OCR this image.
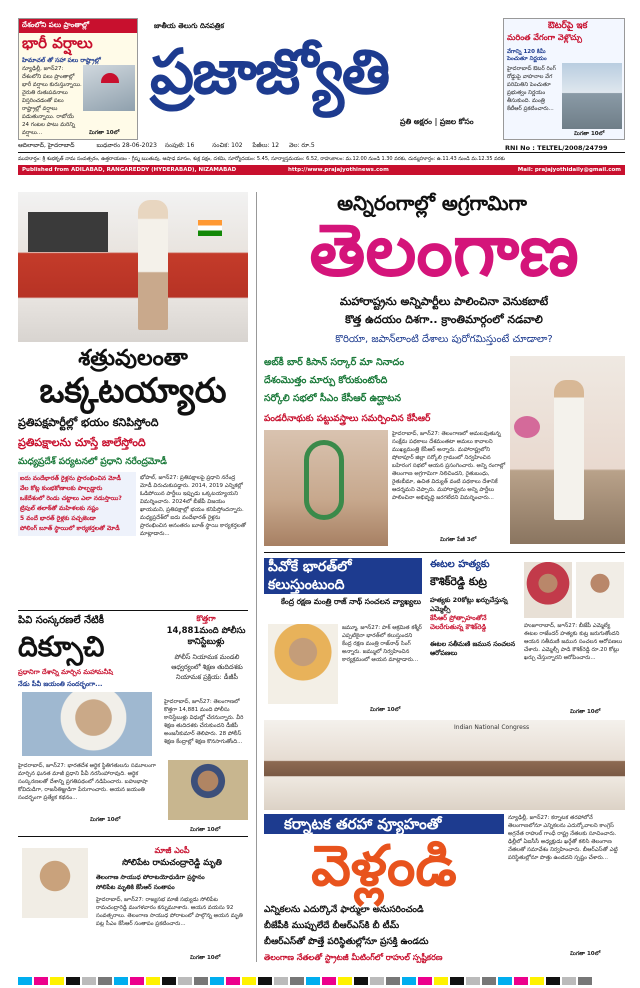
దేశంలోని పలు ప్రాంతాల్లో
భారీ వర్షాలు
హిమాచల్ తో సహా పలు రాష్ట్రాల్లో
న్యూఢిల్లీ, జూన్27: దేశంలోని పలు ప్రాంతాల్లో భారీ వర్షాలు కురుస్తున్నాయి. నైరుతి రుతుపవనాలు విస్తరించడంతో పలు రాష్ట్రాల్లో వర్షాలు పడుతున్నాయి. రాబోయే 24 గంటల పాటు మరిన్ని వర్షాలు...	మిగతా 10లో
జాతీయ తెలుగు దినపత్రిక
ప్రజాజ్యోతి
ప్రతి అక్షరం | ప్రజల కోసం
ఔటర్‌పై ఇక
మరింత వేగంగా వెళ్లొచ్చు
వేగాన్ని 120 కిమీ పెంచుతూ నిర్ణయం
హైదరాబాద్ ఔటర్ రింగ్ రోడ్డుపై వాహనాల వేగ పరిమితిని పెంచుతూ ప్రభుత్వం నిర్ణయం తీసుకుంది. మంత్రి కేటీఆర్ ప్రకటించారు...
మిగతా 10లో
RNI No : TELTEL/2008/24799
ఆదిలాబాద్, హైదరాబాద్	బుధవారం 28-06-2023 సంపుటి: 16	సంచిక: 102 పేజీలు: 12 వెల: రూ.5
ముహూర్తం: శ్రీ శుభకృత్ నామ సంవత్సరం, ఉత్తరాయణం - గ్రీష్మ ఋతువు, ఆషాఢ మాసం, శుక్ల పక్షం, దశమి, సూర్యోదయం: 5.45, సూర్యాస్తమయం: 6.52, రాహుకాలం: మ.12.00 నుండి 1.30 వరకు, దుర్ముహూర్తం: ఉ.11.43 నుండి మ.12.35 వరకు
Published from ADILABAD, RANGAREDDY (HYDERABAD), NIZAMABAD	http://www.prajajyothinews.com	Mail: prajajyothidaily@gmail.com
శత్రువులంతా
ఒక్కటయ్యారు
ప్రతిపక్షపార్టీల్లో భయం కనిపిస్తోంది
ప్రతిపక్షాలను చూస్తే జాలేస్తోంది
మధ్యప్రదేశ్ పర్యటనలో ప్రధాని నరేంద్రమోడీ
ఐదు వందేభారత్ రైళ్లను ప్రారంభించిన మోడీ
వేల కోట్ల కుంభకోణాలకు పాల్పడ్డారు
ఒకేదేశంలో రెండు చట్టాలు ఎలా నడుస్తాయి?
ట్రిపుల్ తలాక్‌తో మహిళలకు నష్టం
5 వందే భారత్ రైళ్లకు పచ్చజెండా
పోలింగ్ బూత్ స్థాయిలో కార్యకర్తలతో మోడీ
భోపాల్, జూన్27: ప్రతిపక్షాలపై ప్రధాని నరేంద్ర మోడీ విరుచుకుపడ్డారు. 2014, 2019 ఎన్నికల్లో ఓడిపోయిన పార్టీలు ఇప్పుడు ఒక్కటయ్యాయని విమర్శించారు. 2024లో బీజేపీ విజయం ఖాయమని, ప్రతిపక్షాల్లో భయం కనిపిస్తోందన్నారు. మధ్యప్రదేశ్‌లో ఐదు వందేభారత్ రైళ్లను ప్రారంభించిన అనంతరం బూత్ స్థాయి కార్యకర్తలతో మాట్లాడారు...
పివి సంస్కరణలే నేటికీ
దిక్సూచి
ప్రధానిగా దేశాన్ని మార్చిన మహామనీషి
నేడు పీవీ జయంతి సందర్భంగా...
హైదరాబాద్, జూన్27: భారతదేశ ఆర్థిక స్థితిగతులను సమూలంగా మార్చిన ఘనత మాజీ ప్రధాని పీవీ నరసింహారావుది. ఆర్థిక సంస్కరణలతో దేశాన్ని ప్రగతిపథంలో నడిపించారు. బహుభాషా కోవిదుడిగా, రాజనీతిజ్ఞుడిగా పేరుగాంచారు. ఆయన జయంతి సందర్భంగా ప్రత్యేక కథనం...
మిగతా 10లో
కొత్తగా
14,881మంది పోలీసు కానిస్టేబుళ్లు
పోలీస్ నియామక మండలి ఆధ్వర్యంలో శిక్షణ తుదిదశకు నియామక ప్రక్రియ: డీజీపీ
హైదరాబాద్, జూన్27: తెలంగాణలో కొత్తగా 14,881 మంది పోలీసు కానిస్టేబుళ్లు విధుల్లో చేరనున్నారు. వీరి శిక్షణ తుదిదశకు చేరుకుందని డీజీపీ అంజనీకుమార్ తెలిపారు. 28 పోలీస్ శిక్షణ కేంద్రాల్లో శిక్షణ కొనసాగుతోంది...
మిగతా 10లో
మాజీ ఎంపీ
సోలిపేట రామచంద్రారెడ్డి మృతి
తెలంగాణ సాయుధ పోరాటయోధుడిగా ప్రస్థానం
సోలిపేట మృతికి కేసీఆర్ సంతాపం
హైదరాబాద్, జూన్27: రాజ్యసభ మాజీ సభ్యుడు సోలిపేట రామచంద్రారెడ్డి మంగళవారం కన్నుమూశారు. ఆయన వయసు 92 సంవత్సరాలు. తెలంగాణ సాయుధ పోరాటంలో పాల్గొన్న ఆయన మృతి పట్ల సీఎం కేసీఆర్ సంతాపం ప్రకటించారు...
మిగతా 10లో
అన్నిరంగాల్లో అగ్రగామిగా
తెలంగాణ
మహారాష్ట్రను అన్నిపార్టీలు పాలించినా వెనుకబాటే
కొత్త ఉదయం దిశగా.. క్రాంతిమార్గంలో నడవాలి
కొరియా, జపాన్‌లాంటి దేశాలు పురోగమిస్తుంటే చూడాలా?
అబ్‌కీ బార్ కిసాన్ సర్కార్ మా నినాదం
దేశంమొత్తం మార్పు కోరుకుంటోంది
సర్కోలి సభలో సీఎం కేసీఆర్ ఉద్ఘాటన
పండరీనాథుకు పట్టువస్త్రాలు సమర్పించిన కేసీఆర్
హైదరాబాద్, జూన్27: తెలంగాణలో అమలవుతున్న సంక్షేమ పథకాలు దేశమంతటా అమలు కావాలని ముఖ్యమంత్రి కేసీఆర్ అన్నారు. మహారాష్ట్రలోని షోలాపూర్ జిల్లా సర్కోలి గ్రామంలో నిర్వహించిన బహిరంగ సభలో ఆయన ప్రసంగించారు. అన్ని రంగాల్లో తెలంగాణ అగ్రగామిగా నిలిచిందని, రైతుబంధు, రైతుబీమా, ఉచిత విద్యుత్ వంటి పథకాలు దేశానికే ఆదర్శమని చెప్పారు. మహారాష్ట్రను అన్ని పార్టీలు పాలించినా అభివృద్ధి జరగలేదని విమర్శించారు...
మిగతా పేజీ 3లో
పీవోకే భారత్‌లో
కలుస్తుంటుంది
కేంద్ర రక్షణ మంత్రి రాజ్ నాథ్ సంచలన వ్యాఖ్యలు
జమ్మూ, జూన్27: పాక్ ఆక్రమిత కశ్మీర్ ఎప్పటికైనా భారత్‌లో కలుస్తుందని కేంద్ర రక్షణ మంత్రి రాజ్‌నాథ్ సింగ్ అన్నారు. జమ్ములో నిర్వహించిన కార్యక్రమంలో ఆయన మాట్లాడారు...
మిగతా 10లో
ఈటల హత్యకు
కౌశిక్‌రెడ్డి కుట్ర
హత్యకు 20కోట్లు ఖర్చుచేస్తున్న ఎమ్మెల్సీ
కేసీఆర్ ప్రోత్సాహంతోనే చెలరేగుతున్న కౌశిక్‌రెడ్డి
ఈటల సతీమణి జమున సంచలన ఆరోపణలు
హుజూరాబాద్, జూన్27: బీజేపీ ఎమ్మెల్యే ఈటల రాజేందర్ హత్యకు కుట్ర జరుగుతోందని ఆయన సతీమణి జమున సంచలన ఆరోపణలు చేశారు. ఎమ్మెల్సీ పాడి కౌశిక్‌రెడ్డి రూ.20 కోట్లు ఖర్చు చేస్తున్నారని ఆరోపించారు...
మిగతా 10లో
Indian National Congress
కర్నాటక తరహా వ్యూహంతో
వెళ్లండి
ఎన్నికలను ఎదుర్కొనే ఫార్ములా అనుసరించండి
బీజేపీకి ముప్పులేదే బీఆర్ఎస్‌కి బీ టీమ్
బీఆర్ఎస్‌తో పొత్తే పరిస్థితుల్లోనూ ప్రసక్తి ఉండదు
తెలంగాణ నేతలతో స్ట్రాటజీ మీటింగ్‌లో రాహుల్ స్పష్టీకరణ
న్యూఢిల్లీ, జూన్27: కర్నాటక తరహాలోనే తెలంగాణలోనూ ఎన్నికలను ఎదుర్కోవాలని కాంగ్రెస్ అగ్రనేత రాహుల్ గాంధీ రాష్ట్ర నేతలకు సూచించారు. ఢిల్లీలో ఏఐసీసీ అధ్యక్షుడు ఖర్గేతో కలిసి తెలంగాణ నేతలతో సమావేశం నిర్వహించారు. బీఆర్ఎస్‌తో ఎట్టి పరిస్థితుల్లోనూ పొత్తు ఉండదని స్పష్టం చేశారు...
మిగతా 10లో
